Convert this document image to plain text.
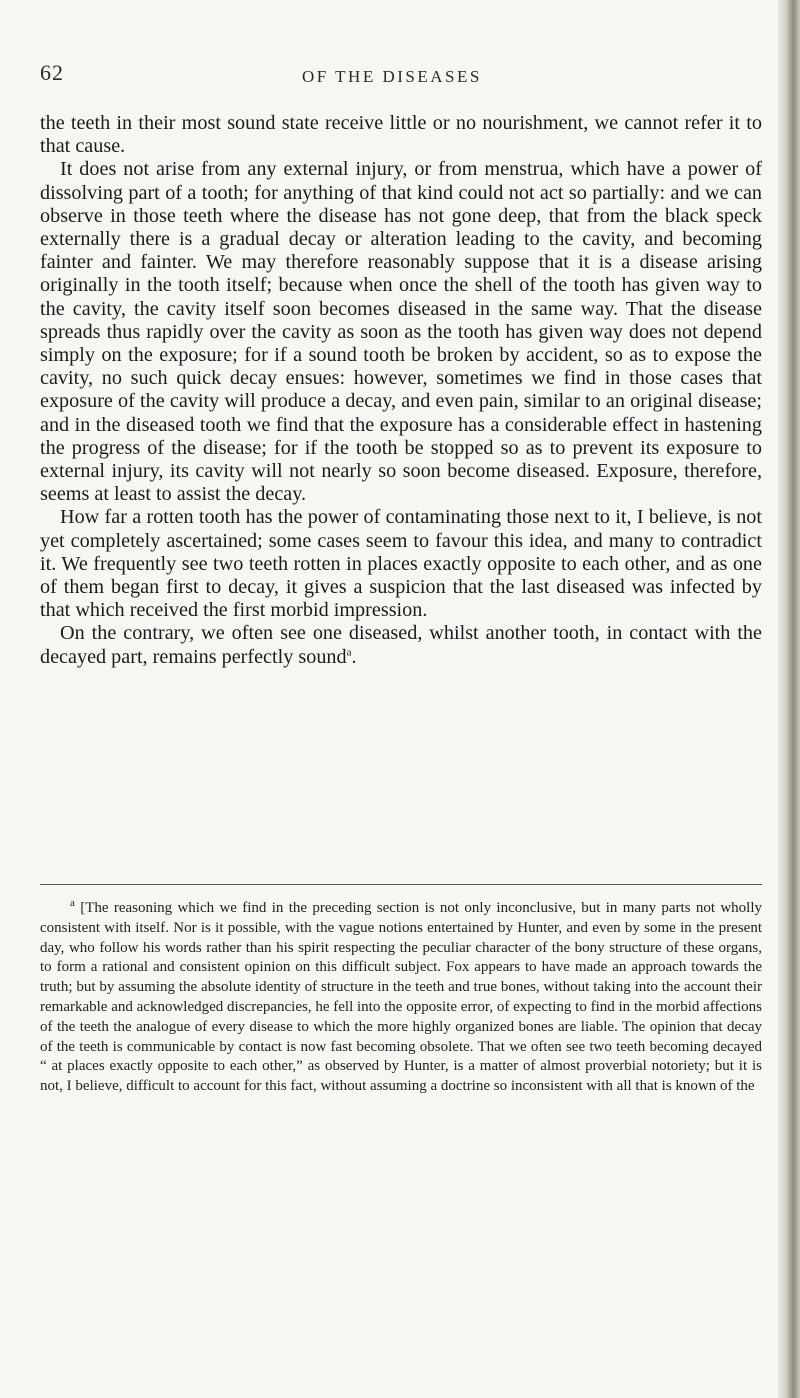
62	OF THE DISEASES

the teeth in their most sound state receive little or no nourishment, we cannot refer it to that cause.

It does not arise from any external injury, or from menstrua, which have a power of dissolving part of a tooth; for anything of that kind could not act so partially: and we can observe in those teeth where the disease has not gone deep, that from the black speck externally there is a gradual decay or alteration leading to the cavity, and becoming fainter and fainter. We may therefore reasonably suppose that it is a disease arising originally in the tooth itself; because when once the shell of the tooth has given way to the cavity, the cavity itself soon becomes diseased in the same way. That the disease spreads thus rapidly over the cavity as soon as the tooth has given way does not depend simply on the exposure; for if a sound tooth be broken by accident, so as to expose the cavity, no such quick decay ensues: however, sometimes we find in those cases that exposure of the cavity will produce a decay, and even pain, similar to an original disease; and in the diseased tooth we find that the exposure has a considerable effect in hastening the progress of the disease; for if the tooth be stopped so as to prevent its exposure to external injury, its cavity will not nearly so soon become diseased. Exposure, therefore, seems at least to assist the decay.

How far a rotten tooth has the power of contaminating those next to it, I believe, is not yet completely ascertained; some cases seem to favour this idea, and many to contradict it. We frequently see two teeth rotten in places exactly opposite to each other, and as one of them began first to decay, it gives a suspicion that the last diseased was infected by that which received the first morbid impression.

On the contrary, we often see one diseased, whilst another tooth, in contact with the decayed part, remains perfectly sound$^a$.

$^a$ [The reasoning which we find in the preceding section is not only inconclusive, but in many parts not wholly consistent with itself. Nor is it possible, with the vague notions entertained by Hunter, and even by some in the present day, who follow his words rather than his spirit respecting the peculiar character of the bony structure of these organs, to form a rational and consistent opinion on this difficult subject. Fox appears to have made an approach towards the truth; but by assuming the absolute identity of structure in the teeth and true bones, without taking into the account their remarkable and acknowledged discrepancies, he fell into the opposite error, of expecting to find in the morbid affections of the teeth the analogue of every disease to which the more highly organized bones are liable. The opinion that decay of the teeth is communicable by contact is now fast becoming obsolete. That we often see two teeth becoming decayed “ at places exactly opposite to each other,” as observed by Hunter, is a matter of almost proverbial notoriety; but it is not, I believe, difficult to account for this fact, without assuming a doctrine so inconsistent with all that is known of the
